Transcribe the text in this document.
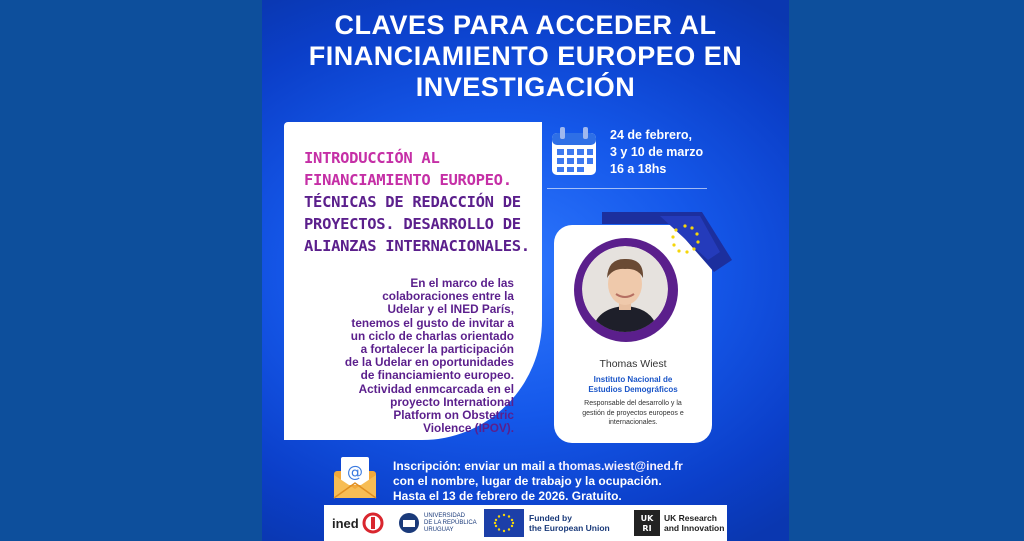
CLAVES PARA ACCEDER AL
FINANCIAMIENTO EUROPEO EN
INVESTIGACIÓN
INTRODUCCIÓN AL
FINANCIAMIENTO EUROPEO.
TÉCNICAS DE REDACCIÓN DE
PROYECTOS. DESARROLLO DE
ALIANZAS INTERNACIONALES.
En el marco de las
colaboraciones entre la
Udelar y el INED París,
tenemos el gusto de invitar a
un ciclo de charlas orientado
a fortalecer la participación
de la Udelar en oportunidades
de financiamiento europeo.
Actividad enmcarcada en el
proyecto International
Platform on Obstetric
Violence (IPOV).
24 de febrero,
3 y 10 de marzo
16 a 18hs
Thomas Wiest
Instituto Nacional de
Estudios Demográficos
Responsable del desarrollo y la
gestión de proyectos europeos e
internacionales.
@	Inscripción: enviar un mail a thomas.wiest@ined.fr
con el nombre, lugar de trabajo y la ocupación.
Hasta el 13 de febrero de 2026. Gratuito.
ined	UNIVERSIDAD
DE LA REPÚBLICA
URUGUAY
Funded by
the European Union
UK
RI
UK Research
and Innovation
